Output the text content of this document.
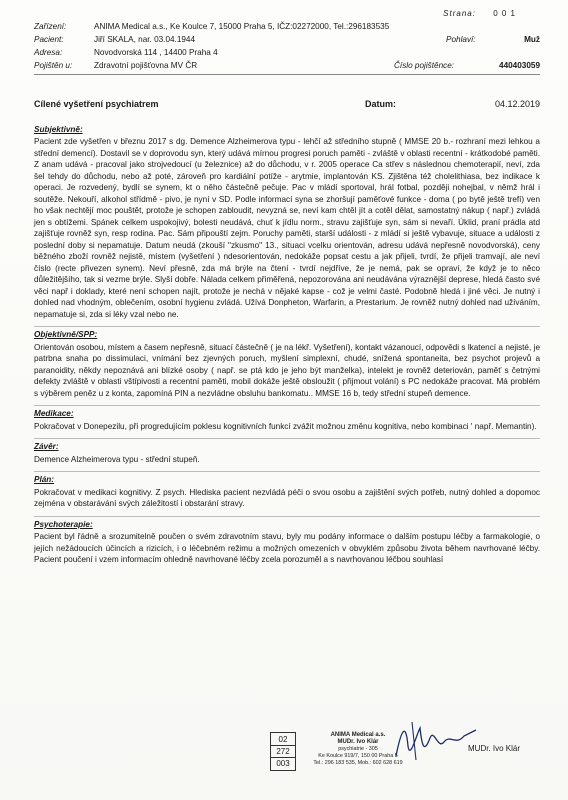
Strana: 0 0 1
Zařízení:	ANIMA Medical a.s., Ke Koulce 7, 15000 Praha 5, IČZ:02272000, Tel.:296183535
Pacient:	Jiří SKALA, nar. 03.04.1944	Pohlaví:	Muž
Adresa:	Novodvorská 114 , 14400 Praha 4
Pojištěn u:	Zdravotní pojišťovna MV ČR	Číslo pojištěnce:	440403059
Cílené vyšetření psychiatrem	Datum:	04.12.2019
Subjektivně:

Pacient zde vyšetřen v březnu 2017 s dg. Demence Alzheimerova typu - lehčí až středního stupně ( MMSE 20 b.- rozhraní mezi lehkou a střední demencí). Dostavil se v doprovodu syn, který udává mírnou progresi poruch paměti - zvláště v oblasti recentní - krátkodobé paměti. Z anam udává - pracoval jako strojvedoucí (u železnice) až do důchodu, v r. 2005 operace Ca střev s následnou chemoterapií, neví, zda šel tehdy do důchodu, nebo až poté, zároveň pro kardiální potíže - arytmie, implantován KS. Zjištěna též cholelithiasa, bez indikace k operaci. Je rozvedený, bydlí se synem, kt o něho částečně pečuje. Pac v mládí sportoval, hrál fotbal, později nohejbal, v němž hrál i soutěže. Nekouří, alkohol střídmě - pivo, je nyní v SD. Podle informací syna se zhoršují paměťové funkce - doma ( po bytě ještě trefí) ven ho však nechtějí moc pouštět, protože je schopen zabloudit, nevyzná se, neví kam chtěl jít a cotěl dělat, samostatný nákup ( např.) zvládá jen s obtížemi. Spánek celkem uspokojivý, bolesti neudává, chuť k jídlu norm., stravu zajišťuje syn, sám si nevaří. Úklid, praní prádla atd zajišťuje rovněž syn, resp rodina. Pac. Sám připouští zejm. Poruchy paměti, starší události - z mládí si ještě vybavuje, situace a události z poslední doby si nepamatuje. Datum neudá (zkouší "zkusmo" 13., situaci vcelku orientován, adresu udává nepřesně novodvorská), ceny běžného zboží rovněž nejistě, místem (vyšetření ) ndesorientován, nedokáže popsat cestu a jak přijeli, tvrdí, že přijeli tramvají, ale neví číslo (recte přivezen synem). Neví přesně, zda má brýle na čtení - tvrdí nejdříve, že je nemá, pak se opraví, že když je to něco důležitějšího, tak si vezme brýle. Slyší dobře. Nálada celkem přiměřená, nepozorována ani neudávána výraznější deprese, hledá často své věci např i doklady, které není schopen najít, protože je nechá v nějaké kapse - což je velmi časté. Podobně hledá i jiné věci. Je nutný i dohled nad vhodným, oblečením, osobní hygienu zvládá. Užívá Donpheton, Warfarin, a Prestarium. Je rovněž nutný dohled nad užíváním, nepamatuje si, zda si léky vzal nebo ne.

Objektivně/SPP:

Orientován osobou, místem a časem nepřesně, situací částečně ( je na lékř. Vyšetření), kontakt vázanoucí, odpovědi s lkatencí a nejisté, je patrbna snaha po dissimulaci, vnímání bez zjevných poruch, myšlení simplexní, chudé, snížená spontaneita, bez psychot projevů a paranoidity, někdy nepoznává ani blízké osoby ( např. se ptá kdo je jeho být manželka), intelekt je rovněž deteriován, paměť s četnými defekty zvláště v oblasti vštípivosti a recentní paměti, mobil dokáže ještě obsloužit ( přijmout volání) s PC nedokáže pracovat. Má problém s výběrem peněz u z konta, zapomíná PIN a nezvládne obsluhu bankomatu.. MMSE 16 b, tedy střední stupeň demence.

Medikace:

Pokračovat v Donepezilu, při progredujícím poklesu kognitivních funkcí zvážit možnou změnu kognitiva, nebo kombinaci ' např. Memantin).

Závěr:

Demence Alzheimerova typu - střední stupeň.

Plán:

Pokračovat v medikaci kognitivy. Z psych. Hlediska pacient nezvládá péči o svou osobu a zajištění svých potřeb, nutný dohled a dopomoc zejména v obstarávání svých záležitostí i obstarání stravy.

Psychoterapie:

Pacient byl řádně a srozumitelně poučen o svém zdravotním stavu, byly mu podány informace o dalším postupu léčby a farmakologie, o jejích nežádoucích účincích a rizicích, i o léčebném režimu a možných omezeních v obvyklém způsobu života během navrhované léčby. Pacient poučení i vzem informacím ohledně navrhované léčby zcela porozuměl a s navrhovanou léčbou souhlasí

02
272
003
ANIMA Medical a.s.
MUDr. Ivo Klár
psychiatrie - 305
Ke Koulce 919/7, 150 00 Praha 5
Tel.: 296 183 535, Mob.: 602 628 619
MUDr. Ivo Klár
